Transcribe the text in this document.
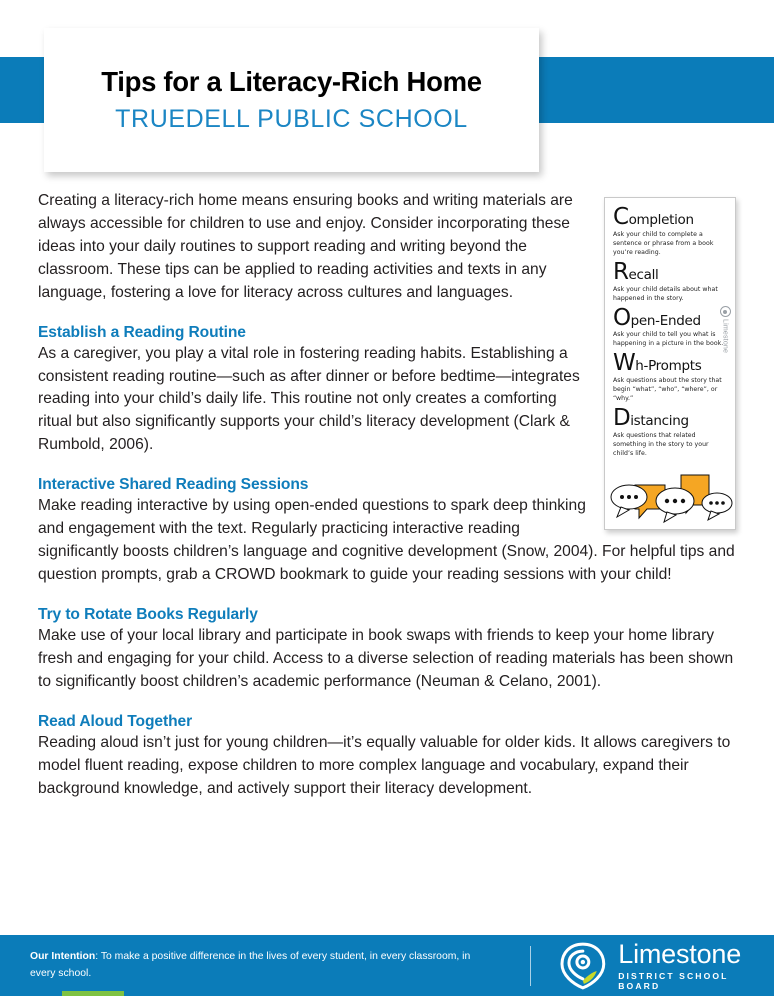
Tips for a Literacy-Rich Home
TRUEDELL PUBLIC SCHOOL
C ompletion
Ask your child to complete a sentence or phrase from a book you’re reading.
R ecall
Ask your child details about what happened in the story.
O pen-Ended
Ask your child to tell you what is happening in a picture in the book.
W h-Prompts
Ask questions about the story that begin “what”, “who”, “where”, or “why.”
D istancing
Ask questions that related something in the story to your child’s life.
Limestone

Creating a literacy-rich home means ensuring books and writing materials are always accessible for children to use and enjoy. Consider incorporating these ideas into your daily routines to support reading and writing beyond the classroom. These tips can be applied to reading activities and texts in any language, fostering a love for literacy across cultures and languages.

Establish a Reading Routine

As a caregiver, you play a vital role in fostering reading habits. Establishing a consistent reading routine—such as after dinner or before bedtime—integrates reading into your child’s daily life. This routine not only creates a comforting ritual but also significantly supports your child’s literacy development (Clark & Rumbold, 2006).

Interactive Shared Reading Sessions

Make reading interactive by using open-ended questions to spark deep thinking and engagement with the text. Regularly practicing interactive reading significantly boosts children’s language and cognitive development (Snow, 2004). For helpful tips and question prompts, grab a CROWD bookmark to guide your reading sessions with your child!

Try to Rotate Books Regularly

Make use of your local library and participate in book swaps with friends to keep your home library fresh and engaging for your child. Access to a diverse selection of reading materials has been shown to significantly boost children’s academic performance (Neuman & Celano, 2001).

Read Aloud Together

Reading aloud isn’t just for young children—it’s equally valuable for older kids. It allows caregivers to model fluent reading, expose children to more complex language and vocabulary, expand their background knowledge, and actively support their literacy development.

Our Intention: To make a positive difference in the lives of every student, in every classroom, in every school.
Limestone
DISTRICT SCHOOL BOARD
